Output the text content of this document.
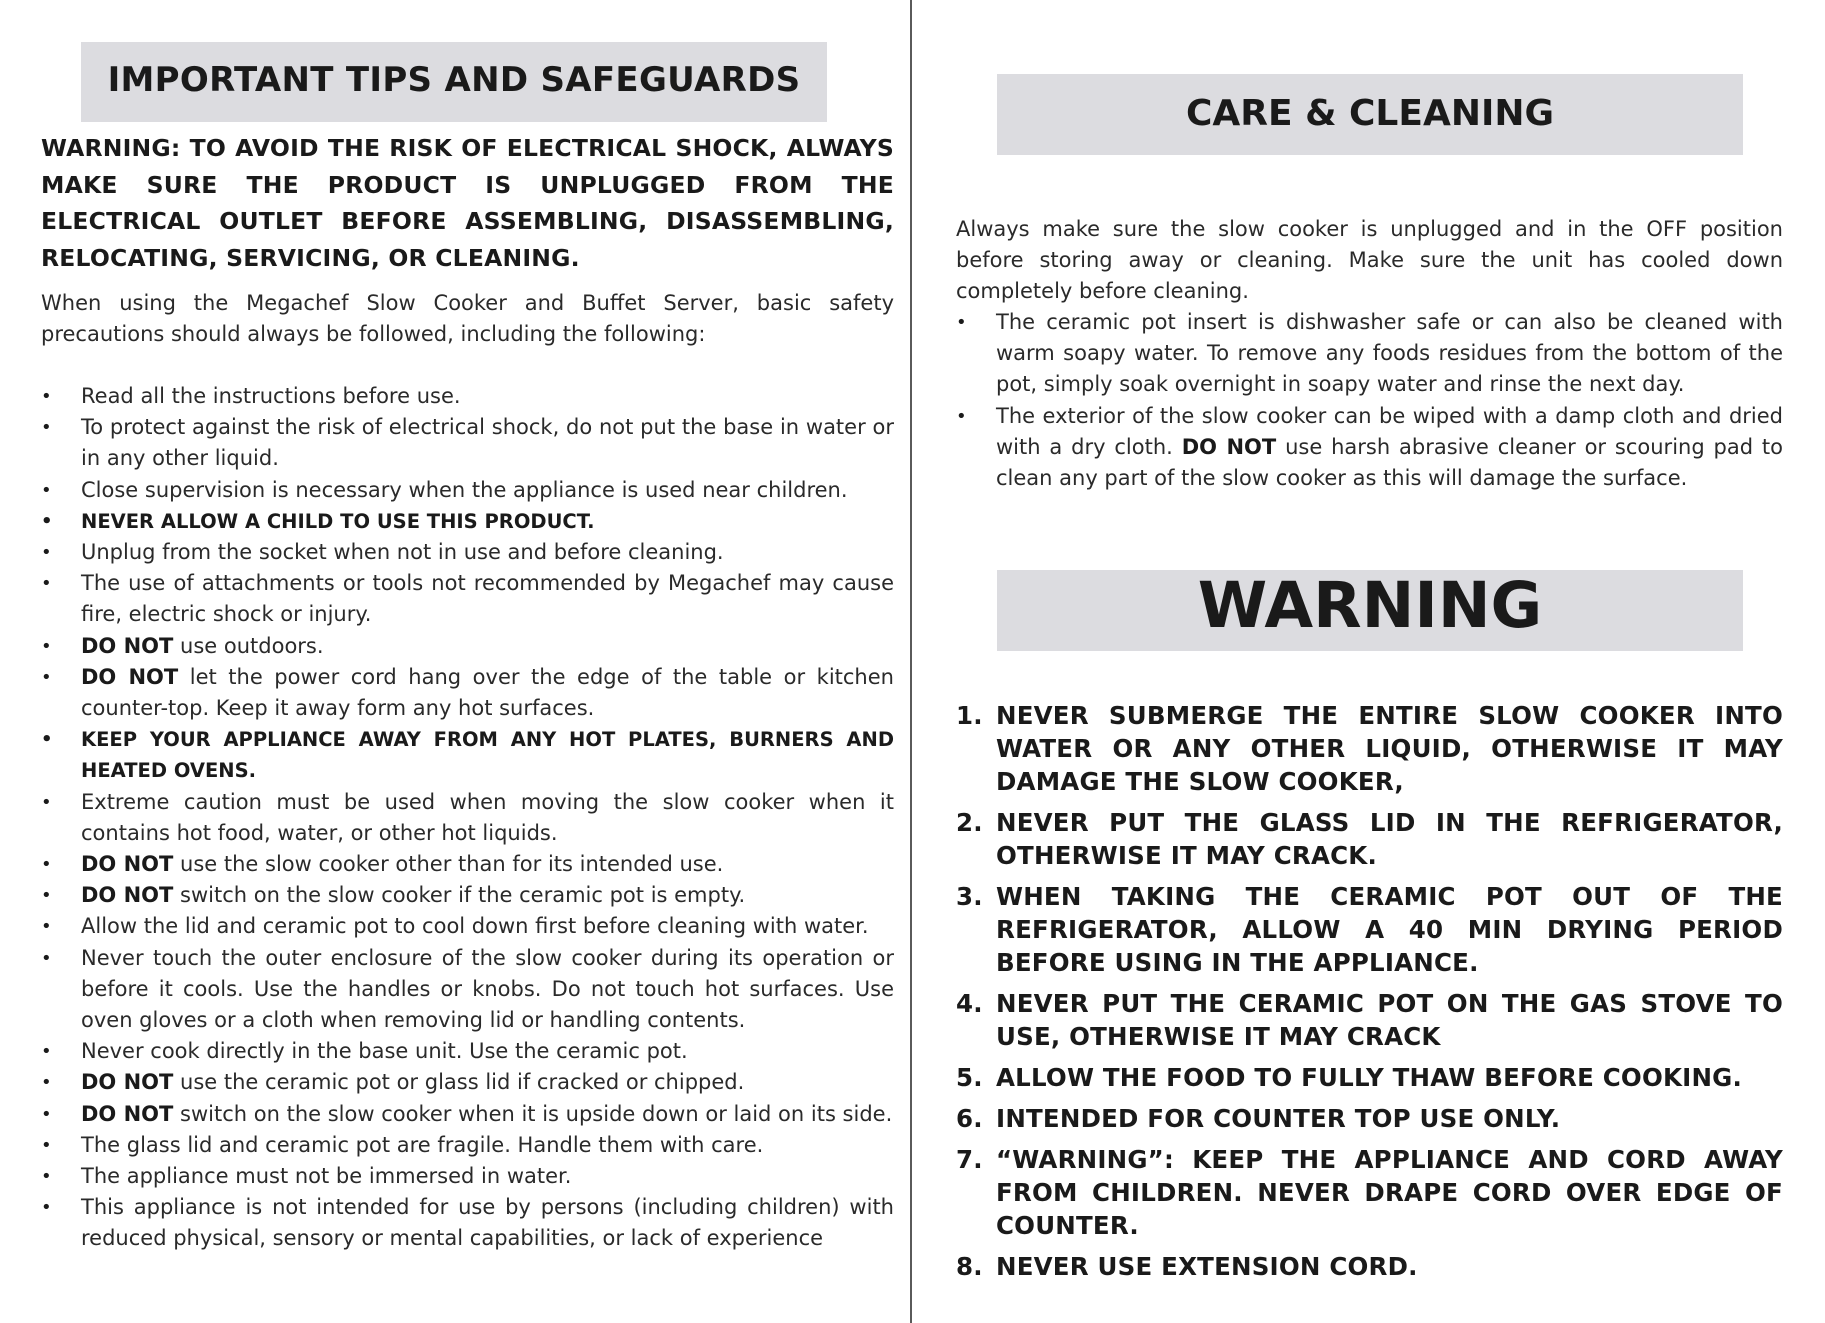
IMPORTANT TIPS AND SAFEGUARDS

WARNING: TO AVOID THE RISK OF ELECTRICAL SHOCK, ALWAYS MAKE SURE THE PRODUCT IS UNPLUGGED FROM THE ELECTRICAL OUTLET BEFORE ASSEMBLING, DISASSEMBLING, RELOCATING, SERVICING, OR CLEANING.

When using the Megachef Slow Cooker and Buffet Server, basic safety precautions should always be followed, including the following:

• Read all the instructions before use.
• To protect against the risk of electrical shock, do not put the base in water or in any other liquid.
• Close supervision is necessary when the appliance is used near children.
• NEVER ALLOW A CHILD TO USE THIS PRODUCT.
• Unplug from the socket when not in use and before cleaning.
• The use of attachments or tools not recommended by Megachef may cause fire, electric shock or injury.
• DO NOT use outdoors.
• DO NOT let the power cord hang over the edge of the table or kitchen counter-top. Keep it away form any hot surfaces.
• KEEP YOUR APPLIANCE AWAY FROM ANY HOT PLATES, BURNERS AND HEATED OVENS.
• Extreme caution must be used when moving the slow cooker when it contains hot food, water, or other hot liquids.
• DO NOT use the slow cooker other than for its intended use.
• DO NOT switch on the slow cooker if the ceramic pot is empty.
• Allow the lid and ceramic pot to cool down first before cleaning with water.
• Never touch the outer enclosure of the slow cooker during its operation or before it cools. Use the handles or knobs. Do not touch hot surfaces. Use oven gloves or a cloth when removing lid or handling contents.
• Never cook directly in the base unit. Use the ceramic pot.
• DO NOT use the ceramic pot or glass lid if cracked or chipped.
• DO NOT switch on the slow cooker when it is upside down or laid on its side.
• The glass lid and ceramic pot are fragile. Handle them with care.
• The appliance must not be immersed in water.
• This appliance is not intended for use by persons (including children) with reduced physical, sensory or mental capabilities, or lack of experience
CARE & CLEANING

Always make sure the slow cooker is unplugged and in the OFF position before storing away or cleaning. Make sure the unit has cooled down completely before cleaning.

• The ceramic pot insert is dishwasher safe or can also be cleaned with warm soapy water. To remove any foods residues from the bottom of the pot, simply soak overnight in soapy water and rinse the next day.
• The exterior of the slow cooker can be wiped with a damp cloth and dried with a dry cloth. DO NOT use harsh abrasive cleaner or scouring pad to clean any part of the slow cooker as this will damage the surface.
WARNING
1. NEVER SUBMERGE THE ENTIRE SLOW COOKER INTO WATER OR ANY OTHER LIQUID, OTHERWISE IT MAY DAMAGE THE SLOW COOKER,
2. NEVER PUT THE GLASS LID IN THE REFRIGERATOR, OTHERWISE IT MAY CRACK.
3. WHEN TAKING THE CERAMIC POT OUT OF THE REFRIGERATOR, ALLOW A 40 MIN DRYING PERIOD BEFORE USING IN THE APPLIANCE.
4. NEVER PUT THE CERAMIC POT ON THE GAS STOVE TO USE, OTHERWISE IT MAY CRACK
5. ALLOW THE FOOD TO FULLY THAW BEFORE COOKING.
6. INTENDED FOR COUNTER TOP USE ONLY.
7. “WARNING”: KEEP THE APPLIANCE AND CORD AWAY FROM CHILDREN. NEVER DRAPE CORD OVER EDGE OF COUNTER.
8. NEVER USE EXTENSION CORD.
